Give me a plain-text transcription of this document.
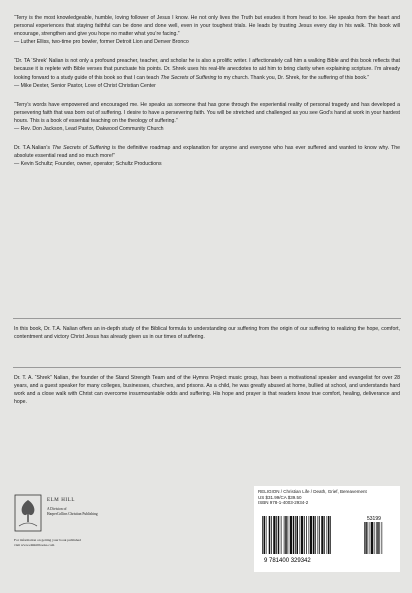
“Terry is the most knowledgeable, humble, loving follower of Jesus I know. He not only lives the Truth but exudes it from head to toe. He speaks from the heart and personal experiences that staying faithful can be done and done well, even in your toughest trials. He leads by trusting Jesus every day in his walk. This book will encourage, strengthen and give you hope no matter what you’re facing.”

— Luther Elliss, two-time pro bowler, former Detroit Lion and Denver Bronco

“Dr. TA ‘Shrek’ Nalian is not only a profound preacher, teacher, and scholar he is also a prolific writer. I affectionately call him a walking Bible and this book reflects that because it is replete with Bible verses that punctuate his points. Dr. Shrek uses his real-life anecdotes to aid him to bring clarity when explaining scripture. I’m already looking forward to a study guide of this book so that I can teach The Secrets of Suffering to my church. Thank you, Dr. Shrek, for the suffering of this book.”

— Mike Dexter, Senior Pastor, Love of Christ Christian Center

“Terry’s words have empowered and encouraged me. He speaks as someone that has gone through the experiential reality of personal tragedy and has developed a persevering faith that was born out of suffering. I desire to have a persevering faith. You will be stretched and challenged as you see God’s hand at work in your hardest hours. This is a book of essential teaching on the theology of suffering.”

— Rev. Don Jackson, Lead Pastor, Oakwood Community Church

Dr. T.A.Nalian’s The Secrets of Suffering is the definitive roadmap and explanation for anyone and everyone who has ever suffered and wanted to know why. The absolute essential read and so much more!”

— Kevin Schultz; Founder, owner, operator; Schultz Productions

In this book, Dr. T.A. Nalian offers an in-depth study of the Biblical formula to understanding our suffering from the origin of our suffering to realizing the hope, comfort, contentment and victory Christ Jesus has already given us in our times of suffering.

Dr. T. A. “Shrek” Nalian, the founder of the Stand Strength Team and of the Hymns Project music group, has been a motivational speaker and evangelist for over 28 years, and a guest speaker for many colleges, businesses, churches, and prisons. As a child, he was greatly abused at home, bullied at school, and understands hard work and a close walk with Christ can overcome insurmountable odds and suffering. His hope and prayer is that readers know true comfort, healing, deliverance and hope.

ELM HILL
A Division of
HarperCollins Christian Publishing
For information on getting your book published
visit www.elmhillbooks.com
RELIGION / Christian Life / Death, Grief, Bereavement
US $31.99/CA $39.50
ISBN 978-1-4003-2934-2
9 781400 329342
53199
